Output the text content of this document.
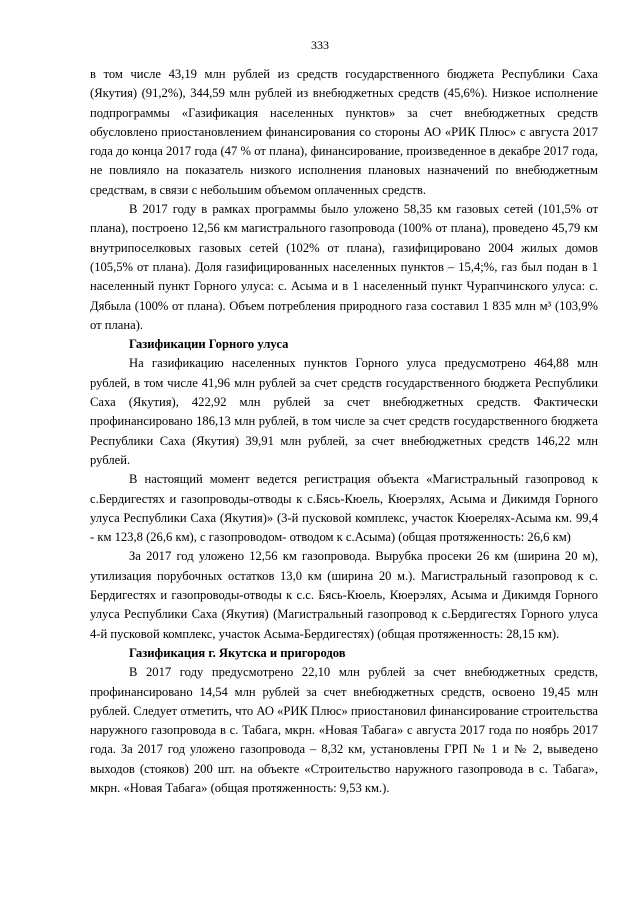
333

в том числе 43,19 млн рублей из средств государственного бюджета Республики Саха (Якутия) (91,2%), 344,59 млн рублей из внебюджетных средств (45,6%). Низкое исполнение подпрограммы «Газификация населенных пунктов» за счет внебюджетных средств обусловлено приостановлением финансирования со стороны АО «РИК Плюс» с августа 2017 года до конца 2017 года (47 % от плана), финансирование, произведенное в декабре 2017 года, не повлияло на показатель низкого исполнения плановых назначений по внебюджетным средствам, в связи с небольшим объемом оплаченных средств.

В 2017 году в рамках программы было уложено 58,35 км газовых сетей (101,5% от плана), построено 12,56 км магистрального газопровода (100% от плана), проведено 45,79 км внутрипоселковых газовых сетей (102% от плана), газифицировано 2004 жилых домов (105,5% от плана). Доля газифицированных населенных пунктов – 15,4;%, газ был подан в 1 населенный пункт Горного улуса: с. Асыма и в 1 населенный пункт Чурапчинского улуса: с. Дябыла (100% от плана). Объем потребления природного газа составил 1 835 млн м³ (103,9% от плана).

Газификации Горного улуса

На газификацию населенных пунктов Горного улуса предусмотрено 464,88 млн рублей, в том числе 41,96 млн рублей за счет средств государственного бюджета Республики Саха (Якутия), 422,92 млн рублей за счет внебюджетных средств. Фактически профинансировано 186,13 млн рублей, в том числе за счет средств государственного бюджета Республики Саха (Якутия) 39,91 млн рублей, за счет внебюджетных средств 146,22 млн рублей.

В настоящий момент ведется регистрация объекта «Магистральный газопровод к с.Бердигестях и газопроводы-отводы к с.Бясь-Кюель, Кюерэлях, Асыма и Дикимдя Горного улуса Республики Саха (Якутия)» (3-й пусковой комплекс, участок Кюерелях-Асыма км. 99,4 - км 123,8 (26,6 км), с газопроводом- отводом к с.Асыма) (общая протяженность: 26,6 км)

За 2017 год уложено 12,56 км газопровода. Вырубка просеки 26 км (ширина 20 м), утилизация порубочных остатков 13,0 км (ширина 20 м.). Магистральный газопровод к с. Бердигестях и газопроводы-отводы к с.с. Бясь-Кюель, Кюерэлях, Асыма и Дикимдя Горного улуса Республики Саха (Якутия) (Магистральный газопровод к с.Бердигестях Горного улуса 4-й пусковой комплекс, участок Асыма-Бердигестях) (общая протяженность: 28,15 км).

Газификация г. Якутска и пригородов

В 2017 году предусмотрено 22,10 млн рублей за счет внебюджетных средств, профинансировано 14,54 млн рублей за счет внебюджетных средств, освоено 19,45 млн рублей. Следует отметить, что АО «РИК Плюс» приостановил финансирование строительства наружного газопровода в с. Табага, мкрн. «Новая Табага» с августа 2017 года по ноябрь 2017 года. За 2017 год уложено газопровода – 8,32 км, установлены ГРП № 1 и № 2, выведено выходов (стояков) 200 шт. на объекте «Строительство наружного газопровода в с. Табага», мкрн. «Новая Табага» (общая протяженность: 9,53 км.).
